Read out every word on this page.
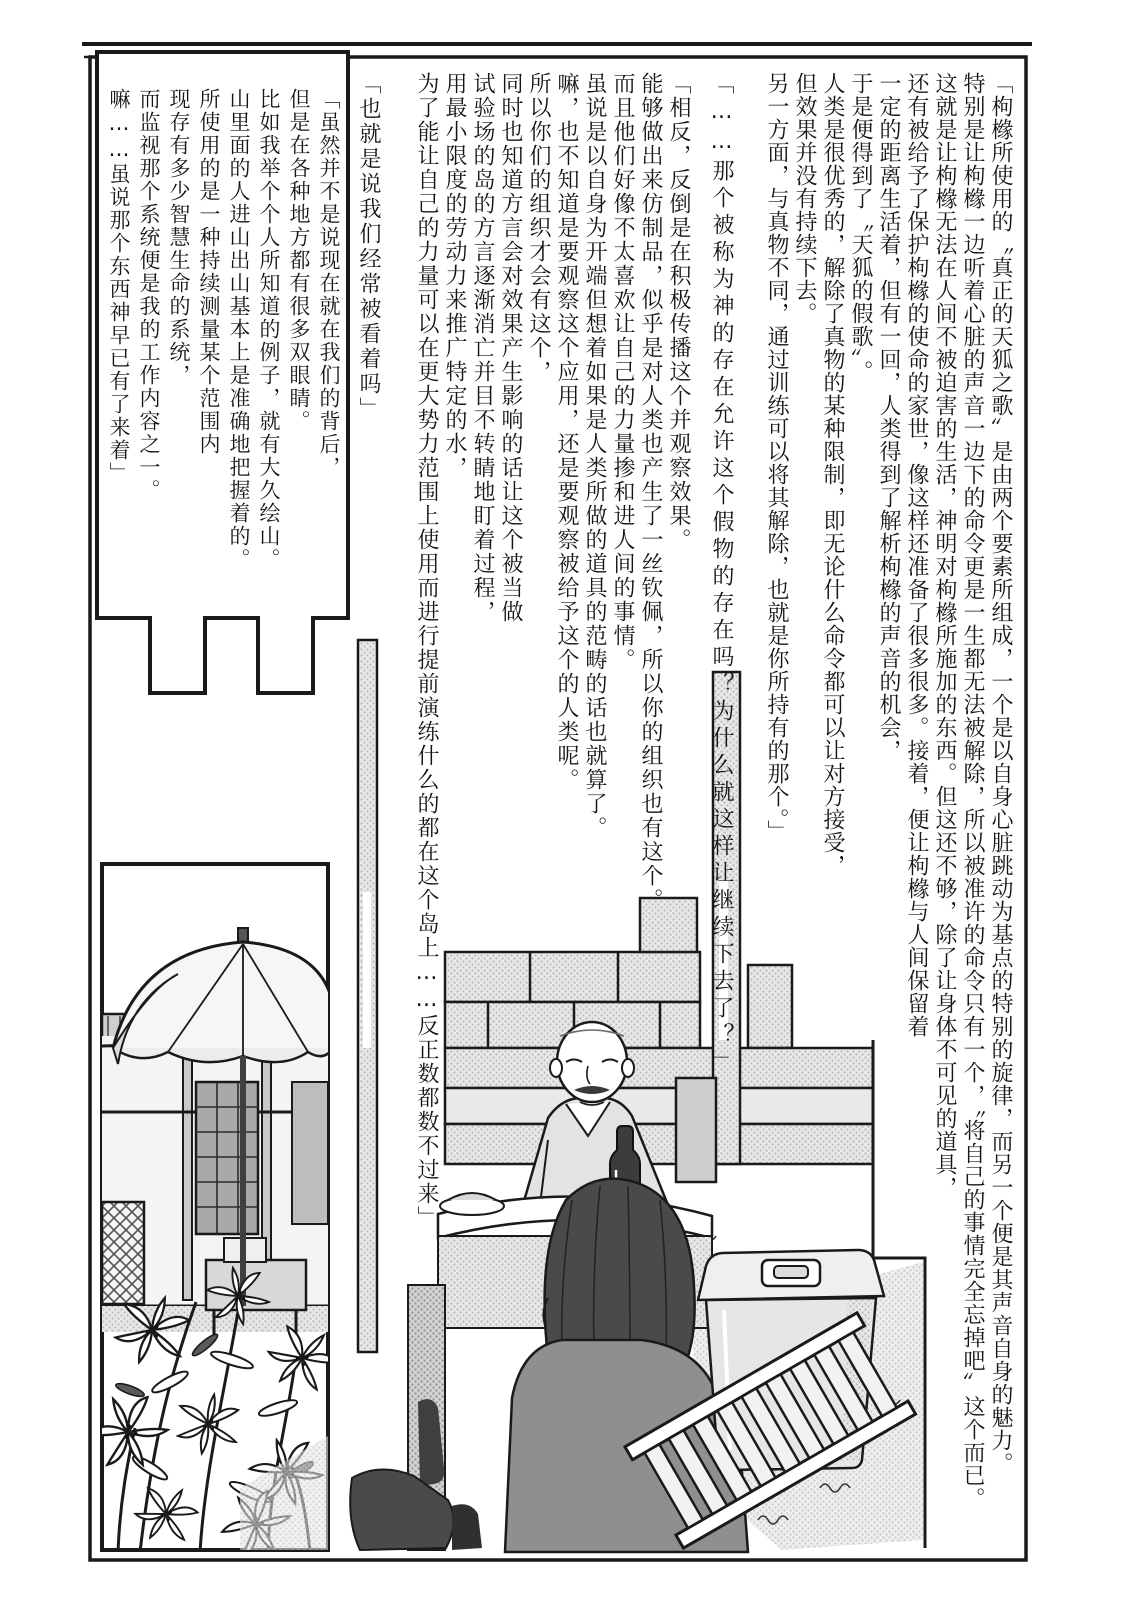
「枸橼所使用的〝真正的天狐之歌〟是由两个要素所组成，一个是以自身心脏跳动为基点的特别的旋律，而另一个便是其声音自身的魅力。

特别是让枸橼一边听着心脏的声音一边下的命令更是一生都无法被解除，所以被准许的命令只有一个，〝将自己的事情完全忘掉吧〟这个而已。

这就是让枸橼无法在人间不被迫害的生活，神明对枸橼所施加的东西。但这还不够，除了让身体不可见的道具，

还有被给予了保护枸橼的使命的家世，像这样还准备了很多很多。接着，便让枸橼与人间保留着

一定的距离生活着，但有一回，人类得到了解析枸橼的声音的机会，

于是便得到了〝天狐的假歌〟。

人类是很优秀的，解除了真物的某种限制，即无论什么命令都可以让对方接受，

但效果并没有持续下去。

另一方面，与真物不同，通过训练可以将其解除，也就是你所持有的那个。」

「……那个被称为神的存在允许这个假物的存在吗？为什么就这样让继续下去了？」

「相反，反倒是在积极传播这个并观察效果。

能够做出来仿制品，似乎是对人类也产生了一丝钦佩，所以你的组织也有这个。

而且他们好像不太喜欢让自己的力量掺和进人间的事情。

虽说是以自身为开端但想着如果是人类所做的道具的范畴的话也就算了。

嘛，也不知道是要观察这个应用，还是要观察被给予这个的人类呢。

所以你们的组织才会有这个，

同时也知道方言会对效果产生影响的话让这个被当做

试验场的岛的方言逐渐消亡并目不转睛地盯着过程，

用最小限度的劳动力来推广特定的水，

为了能让自己的力量可以在更大势力范围上使用而进行提前演练什么的都在这个岛上……反正数都数不过来」

「也就是说我们经常被看着吗」

「虽然并不是说现在就在我们的背后，

但是在各种地方都有很多双眼睛。

比如我举个个人所知道的例子，就有大久绘山。

山里面的人进山出山基本上是准确地把握着的。

所使用的是一种持续测量某个范围内

现存有多少智慧生命的系统，

而监视那个系统便是我的工作内容之一。

嘛……虽说那个东西神早已有了来着」
